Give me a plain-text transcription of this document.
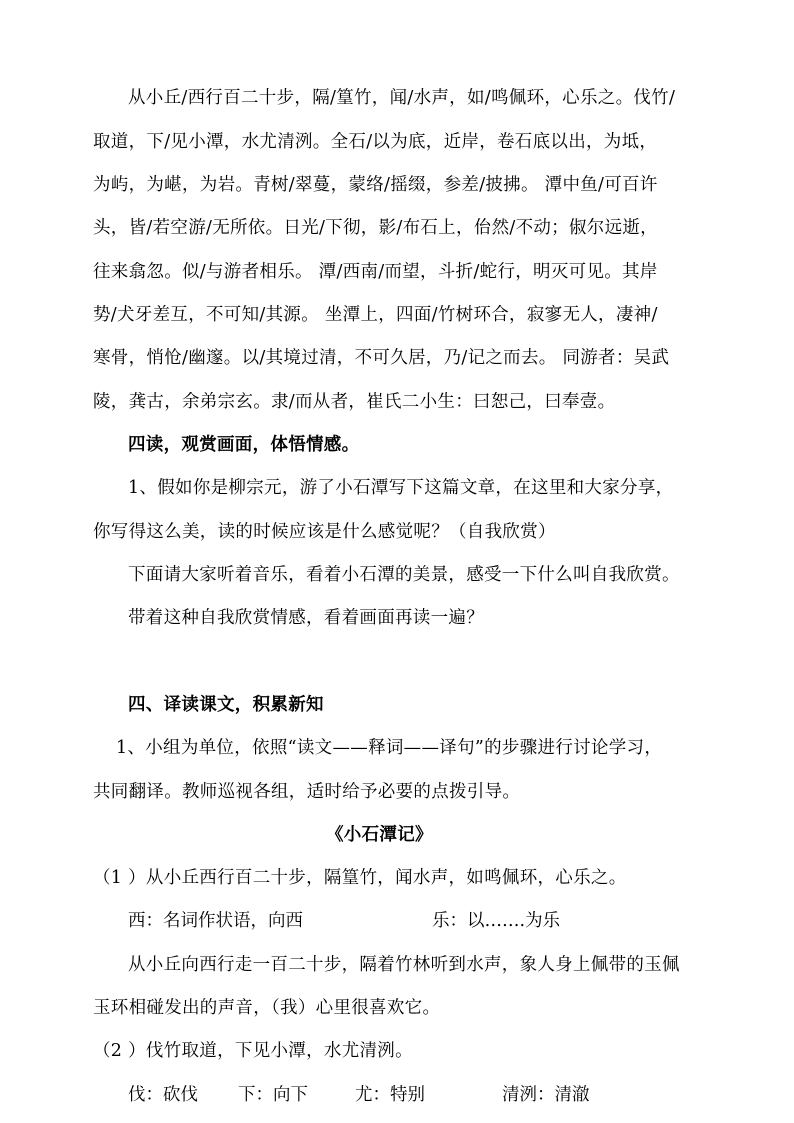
从小丘/西行百二十步，隔/篁竹，闻/水声，如/鸣佩环，心乐之。伐竹/
取道，下/见小潭，水尤清洌。全石/以为底，近岸，卷石底以出，为坻，
为屿，为嵁，为岩。青树/翠蔓，蒙络/摇缀，参差/披拂。 潭中鱼/可百许
头，皆/若空游/无所依。日光/下彻，影/布石上，佁然/不动；俶尔远逝，
往来翕忽。似/与游者相乐。 潭/西南/而望，斗折/蛇行，明灭可见。其岸
势/犬牙差互，不可知/其源。 坐潭上，四面/竹树环合，寂寥无人，凄神/
寒骨，悄怆/幽邃。以/其境过清，不可久居，乃/记之而去。 同游者：吴武
陵，龚古，余弟宗玄。隶/而从者，崔氏二小生：曰恕己，曰奉壹。
四读，观赏画面，体悟情感。
1、假如你是柳宗元，游了小石潭写下这篇文章，在这里和大家分享，
你写得这么美，读的时候应该是什么感觉呢？（自我欣赏）
下面请大家听着音乐，看着小石潭的美景，感受一下什么叫自我欣赏。
带着这种自我欣赏情感，看着画面再读一遍？
四、译读课文，积累新知
1、小组为单位，依照“读文——释词——译句”的步骤进行讨论学习，
共同翻译。教师巡视各组，适时给予必要的点拨引导。
《小石潭记》
（1 ）从小丘西行百二十步，隔篁竹，闻水声，如鸣佩环，心乐之。
西：名词作状语，向西	乐：以…….为乐
从小丘向西行走一百二十步，隔着竹林听到水声，象人身上佩带的玉佩
玉环相碰发出的声音，（我）心里很喜欢它。
（2 ）伐竹取道，下见小潭，水尤清洌。
伐：砍伐 下：向下	尤：特别	清洌：清澈
